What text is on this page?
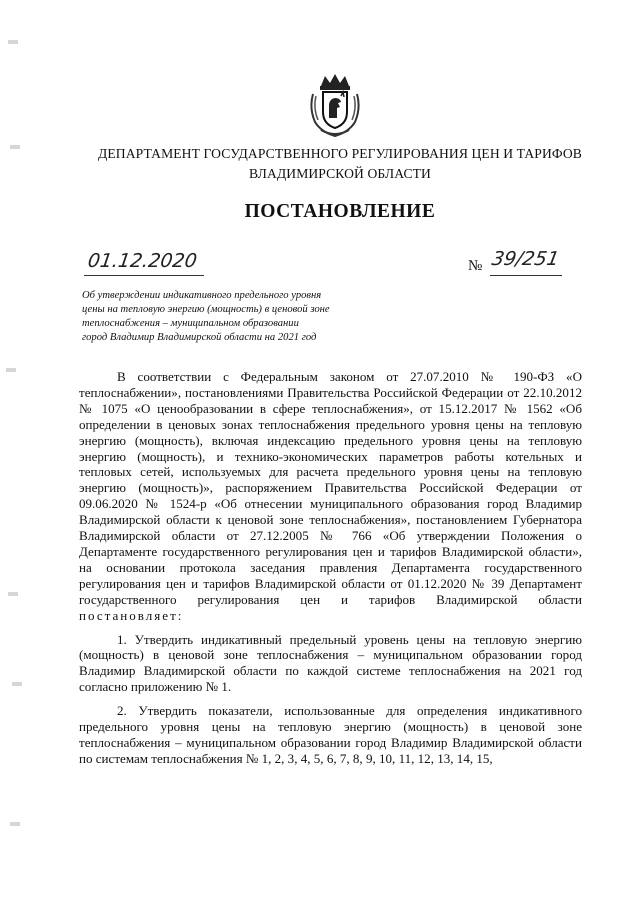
ДЕПАРТАМЕНТ ГОСУДАРСТВЕННОГО РЕГУЛИРОВАНИЯ ЦЕН И ТАРИФОВ
ВЛАДИМИРСКОЙ ОБЛАСТИ
ПОСТАНОВЛЕНИЕ
01.12.2020	№ 39/251
Об утверждении индикативного предельного уровня
цены на тепловую энергию (мощность) в ценовой зоне
теплоснабжения – муниципальном образовании
город Владимир Владимирской области на 2021 год

В соответствии с Федеральным законом от 27.07.2010 № 190-ФЗ «О теплоснабжении», постановлениями Правительства Российской Федерации от 22.10.2012 № 1075 «О ценообразовании в сфере теплоснабжения», от 15.12.2017 № 1562 «Об определении в ценовых зонах теплоснабжения предельного уровня цены на тепловую энергию (мощность), включая индексацию предельного уровня цены на тепловую энергию (мощность), и технико-экономических параметров работы котельных и тепловых сетей, используемых для расчета предельного уровня цены на тепловую энергию (мощность)», распоряжением Правительства Российской Федерации от 09.06.2020 № 1524-р «Об отнесении муниципального образования город Владимир Владимирской области к ценовой зоне теплоснабжения», постановлением Губернатора Владимирской области от 27.12.2005 № 766 «Об утверждении Положения о Департаменте государственного регулирования цен и тарифов Владимирской области», на основании протокола заседания правления Департамента государственного регулирования цен и тарифов Владимирской области от 01.12.2020 № 39 Департамент государственного регулирования цен и тарифов Владимирской области постановляет:

1. Утвердить индикативный предельный уровень цены на тепловую энергию (мощность) в ценовой зоне теплоснабжения – муниципальном образовании город Владимир Владимирской области по каждой системе теплоснабжения на 2021 год согласно приложению № 1.

2. Утвердить показатели, использованные для определения индикативного предельного уровня цены на тепловую энергию (мощность) в ценовой зоне теплоснабжения – муниципальном образовании город Владимир Владимирской области по системам теплоснабжения № 1, 2, 3, 4, 5, 6, 7, 8, 9, 10, 11, 12, 13, 14, 15,
